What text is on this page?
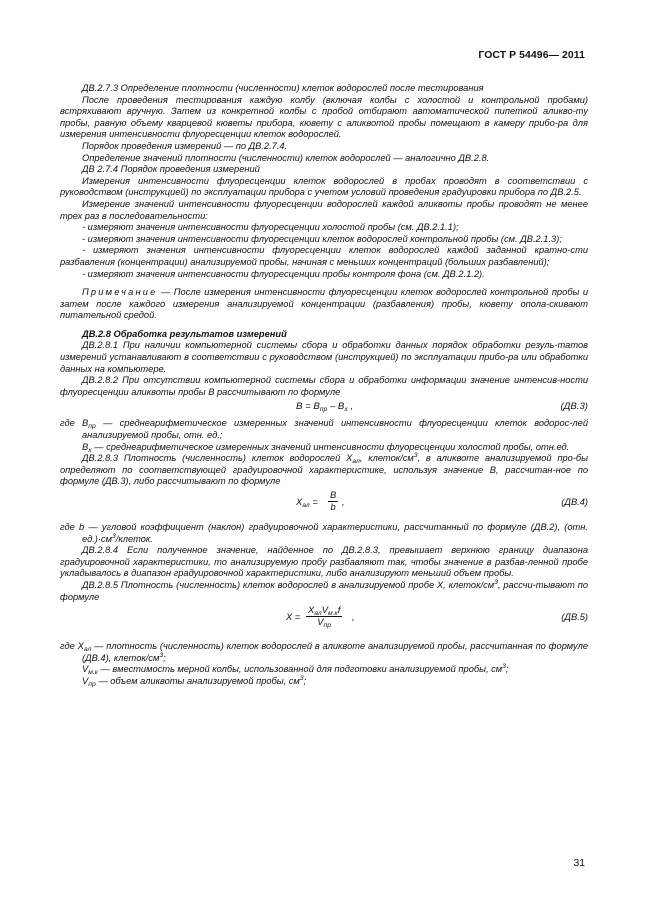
ГОСТ Р 54496— 2011

ДВ.2.7.3 Определение плотности (численности) клеток водорослей после тестирования

После проведения тестирования каждую колбу (включая колбы с холостой и контрольной пробами) встряхивают вручную. Затем из конкретной колбы с пробой отбирают автоматической пипеткой аликво-ту пробы, равную объему кварцевой кюветы прибора, кювету с аликвотой пробы помещают в камеру прибо-ра для измерения интенсивности флуоресценции клеток водорослей.

Порядок проведения измерений — по ДВ.2.7.4.

Определение значений плотности (численности) клеток водорослей — аналогично ДВ.2.8.

ДВ 2.7.4 Порядок проведения измерений

Измерения интенсивности флуоресценции клеток водорослей в пробах проводят в соответствии с руководством (инструкцией) по эксплуатации прибора с учетом условий проведения градуировки прибора по ДВ.2.5.

Измерение значений интенсивности флуоресценции водорослей каждой аликвоты пробы проводят не менее трех раз в последовательности:

- измеряют значения интенсивности флуоресценции холостой пробы (см. ДВ.2.1.1);

- измеряют значения интенсивности флуоресценции клеток водорослей контрольной пробы (см. ДВ.2.1.3);

- измеряют значения интенсивности флуоресценции клеток водорослей каждой заданной кратно-сти разбавления (концентрации) анализируемой пробы, начиная с меньших концентраций (больших разбавлений);

- измеряют значения интенсивности флуоресценции пробы контроля фона (см. ДВ.2.1.2).

Примечание — После измерения интенсивности флуоресценции клеток водорослей контрольной пробы и затем после каждого измерения анализируемой концентрации (разбавления) пробы, кювету опола-скивают питательной средой.

ДВ.2.8 Обработка результатов измерений

ДВ.2.8.1 При наличии компьютерной системы сбора и обработки данных порядок обработки резуль-татов измерений устанавливают в соответствии с руководством (инструкцией) по эксплуатации прибо-ра или обработки данных на компьютере.

ДВ.2.8.2 При отсутствии компьютерной системы сбора и обработки информации значение интенсив-ности флуоресценции аликвоты пробы B рассчитывают по формуле

$B = B_{пр} - B_х$ ,	(ДВ.3)

где $B_{пр}$ — среднеарифметическое измеренных значений интенсивности флуоресценции клеток водорос-лей анализируемой пробы, отн. ед.;

$B_х$ — среднеарифметическое измеренных значений интенсивности флуоресценции холостой пробы, отн.ед.

ДВ.2.8.3 Плотность (численность) клеток водорослей $X_{ал}$, клеток/$см^3$, в аликвоте анализируемой про-бы определяют по соответствующей градуировочной характеристике, используя значение B, рассчитан-ное по формуле (ДВ.3), либо рассчитывают по формуле

$X_{ал} = \frac{B}{b}$ ,	(ДВ.4)

где b — угловой коэффициент (наклон) градуировочной характеристики, рассчитанный по формуле (ДВ.2), (отн. $ед.)\cdot см^3$/клеток.

ДВ.2.8.4 Если полученное значение, найденное по ДВ.2.8.3, превышает верхнюю границу диапазона градуировочной характеристики, то анализируемую пробу разбавляют так, чтобы значение в разбав-ленной пробе укладывалось в диапазон градуировочной характеристики, либо анализируют меньший объем пробы.

ДВ.2.8.5 Плотность (численность) клеток водорослей в анализируемой пробе X, клеток/$см^3$, рассчи-тывают по формуле

X =
$X_{ал}V_{м.к}f$
$V_{пр}$
,	(ДВ.5)

где $X_{ал}$ — плотность (численность) клеток водорослей в аликвоте анализируемой пробы, рассчитанная по формуле (ДВ.4), клеток/$см^3$;

$V_{м.к}$ — вместимость мерной колбы, использованной для подготовки анализируемой пробы, $см^3$;

$V_{пр}$ — объем аликвоты анализируемой пробы, $см^3$;

31
